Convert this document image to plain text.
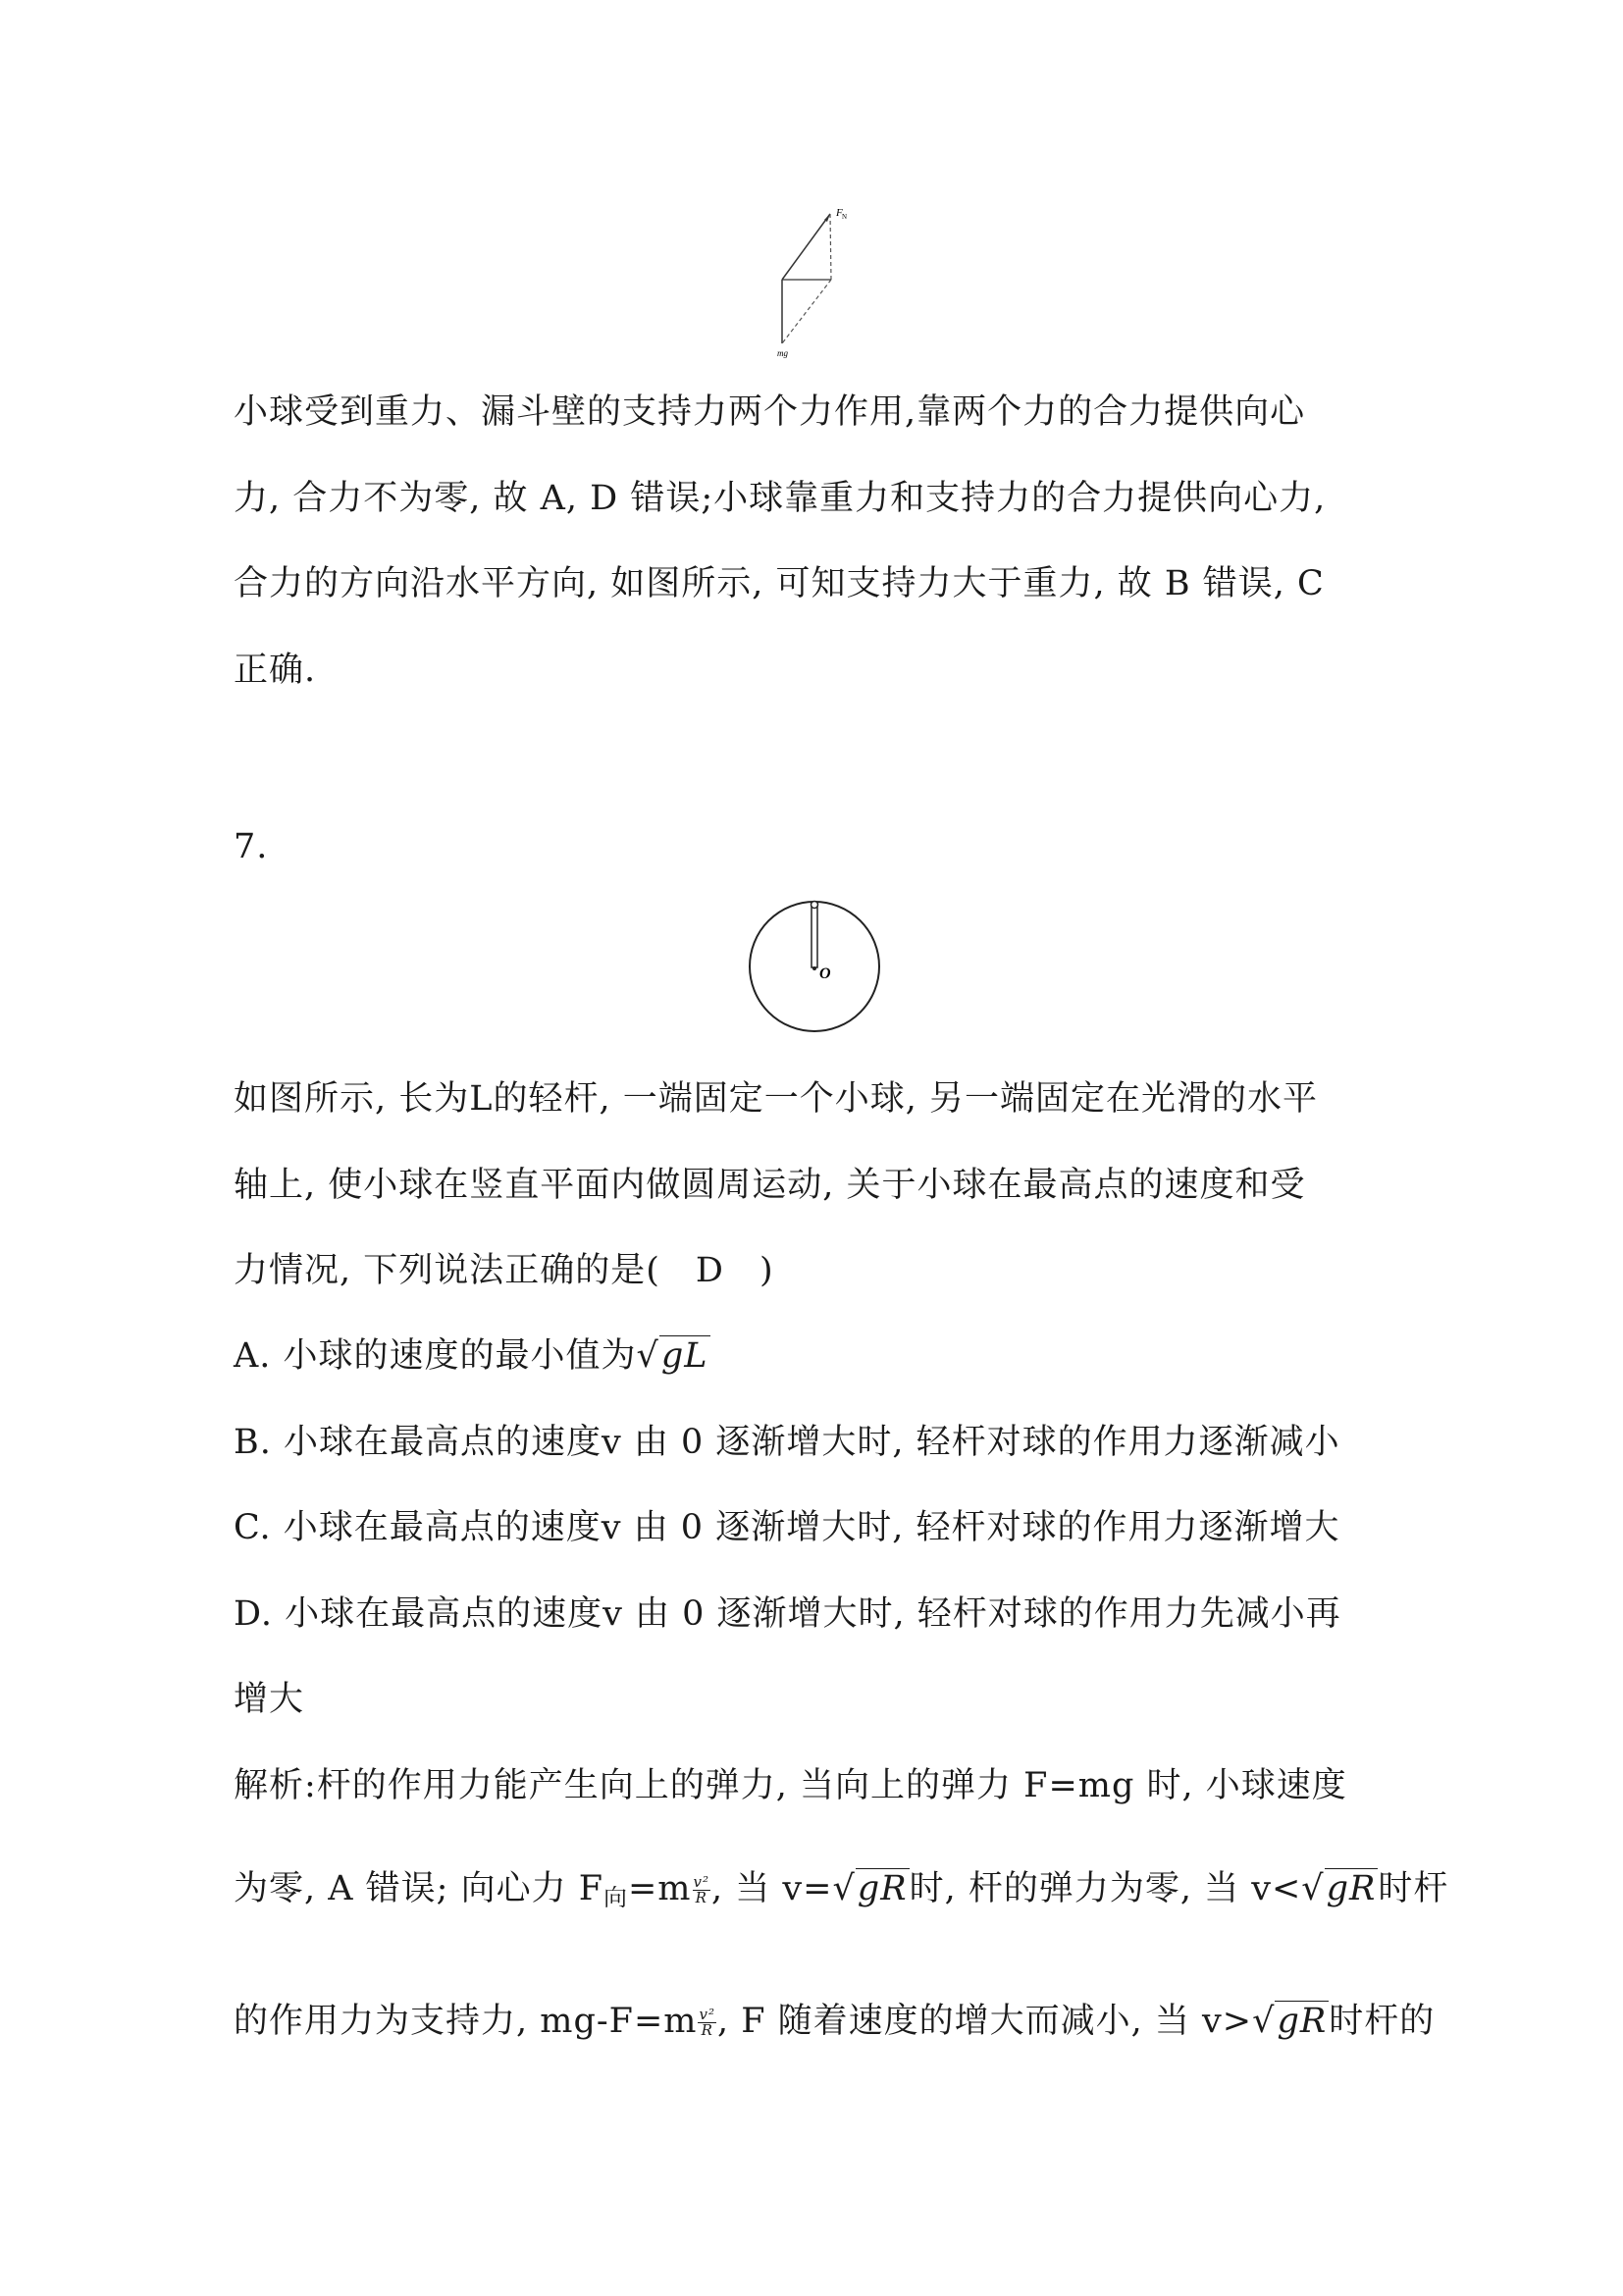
F N
mg
小球受到重力、漏斗壁的支持力两个力作用,靠两个力的合力提供向心
力, 合力不为零, 故 A, D 错误;小球靠重力和支持力的合力提供向心力,
合力的方向沿水平方向, 如图所示, 可知支持力大于重力, 故 B 错误, C
正确.
7.
O
如图所示, 长为L的轻杆, 一端固定一个小球, 另一端固定在光滑的水平
轴上, 使小球在竖直平面内做圆周运动, 关于小球在最高点的速度和受
力情况, 下列说法正确的是(　D　)
A. 小球的速度的最小值为√gL
B. 小球在最高点的速度v 由 0 逐渐增大时, 轻杆对球的作用力逐渐减小
C. 小球在最高点的速度v 由 0 逐渐增大时, 轻杆对球的作用力逐渐增大
D. 小球在最高点的速度v 由 0 逐渐增大时, 轻杆对球的作用力先减小再
增大
解析:杆的作用力能产生向上的弹力, 当向上的弹力 F=mg 时, 小球速度
为零, A 错误; 向心力 $F_向=m \frac{\text{v²}}{R}$ , 当 v=√gR时, 杆的弹力为零, 当 v<√gR时杆
的作用力为支持力, $mg-F=m \frac{\text{v²}}{R}$ , F 随着速度的增大而减小, 当 v>√gR时杆的
